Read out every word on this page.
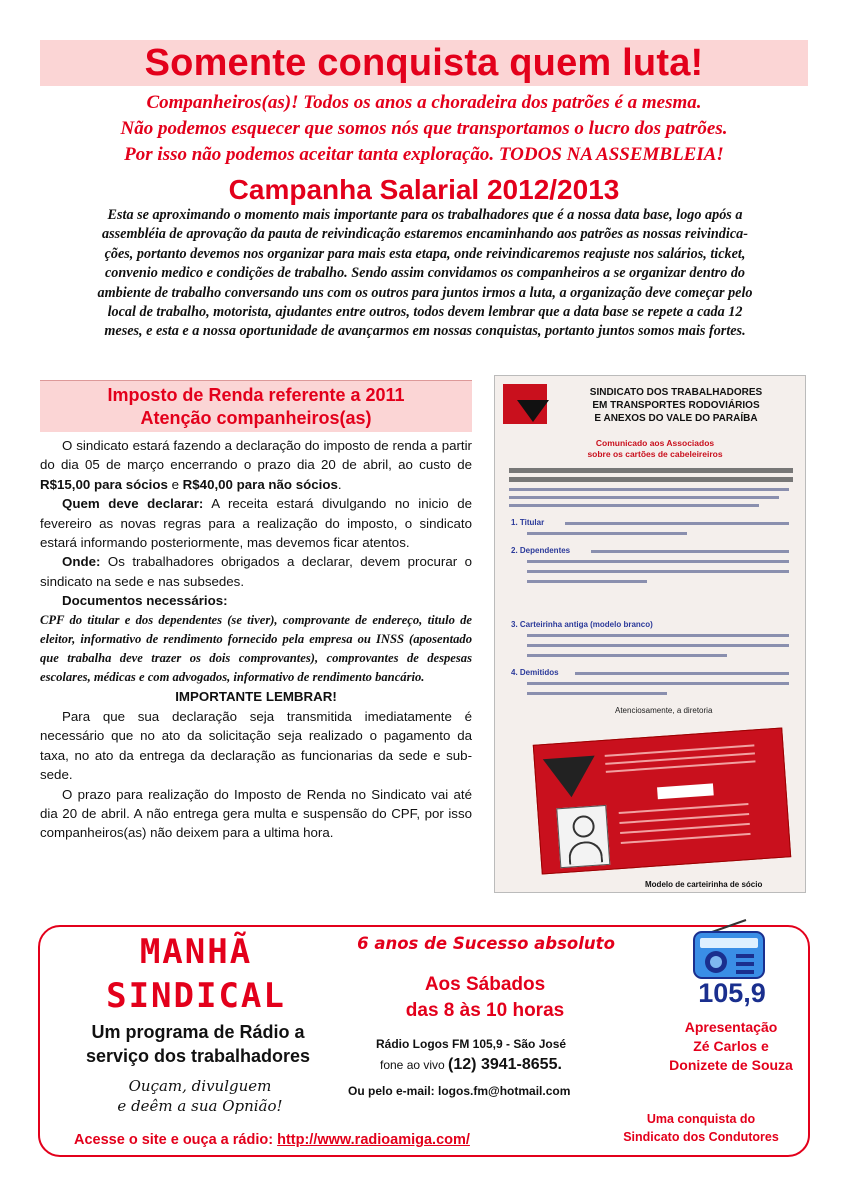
Somente conquista quem luta!
Companheiros(as)! Todos os anos a choradeira dos patrões é a mesma.
Não podemos esquecer que somos nós que transportamos o lucro dos patrões.
Por isso não podemos aceitar tanta exploração. TODOS NA ASSEMBLEIA!
Campanha Salarial 2012/2013
Esta se aproximando o momento mais importante para os trabalhadores que é a nossa data base, logo após a
assembléia de aprovação da pauta de reivindicação estaremos encaminhando aos patrões as nossas reivindica-
ções, portanto devemos nos organizar para mais esta etapa, onde reivindicaremos reajuste nos salários, ticket,
convenio medico e condições de trabalho. Sendo assim convidamos os companheiros a se organizar dentro do
ambiente de trabalho conversando uns com os outros para juntos irmos a luta, a organização deve começar pelo
local de trabalho, motorista, ajudantes entre outros, todos devem lembrar que a data base se repete a cada 12
meses, e esta e a nossa oportunidade de avançarmos em nossas conquistas, portanto juntos somos mais fortes.
Imposto de Renda referente a 2011
Atenção companheiros(as)

O sindicato estará fazendo a declaração do imposto de renda a partir do dia 05 de março encerrando o prazo dia 20 de abril, ao custo de R$15,00 para sócios e R$40,00 para não sócios.

Quem deve declarar: A receita estará divulgando no inicio de fevereiro as novas regras para a realização do imposto, o sindicato estará informando posteriormente, mas devemos ficar atentos.

Onde: Os trabalhadores obrigados a declarar, devem procurar o sindicato na sede e nas subsedes.

Documentos necessários:

CPF do titular e dos dependentes (se tiver), comprovante de endereço, titulo de eleitor, informativo de rendimento fornecido pela empresa ou INSS (aposentado que trabalha deve trazer os dois comprovantes), comprovantes de despesas escolares, médicas e com advogados, informativo de rendimento bancário.

IMPORTANTE LEMBRAR!

Para que sua declaração seja transmitida imediatamente é necessário que no ato da solicitação seja realizado o pagamento da taxa, no ato da entrega da declaração as funcionarias da sede e sub-sede.

O prazo para realização do Imposto de Renda no Sindicato vai até dia 20 de abril. A não entrega gera multa e suspensão do CPF, por isso companheiros(as) não deixem para a ultima hora.

SINDICATO DOS TRABALHADORES
EM TRANSPORTES RODOVIÁRIOS
E ANEXOS DO VALE DO PARAÍBA
Comunicado aos Associados
sobre os cartões de cabeleireiros
1. Titular
2. Dependentes
3. Carteirinha antiga (modelo branco)
4. Demitidos
Atenciosamente, a diretoria
Modelo de carteirinha de sócio
MANHÃ
SINDICAL
Um programa de Rádio a
serviço dos trabalhadores
Ouçam, divulguem
e deêm a sua Opnião!
Acesse o site e ouça a rádio: http://www.radioamiga.com/
6 anos de Sucesso absoluto
Aos Sábados
das 8 às 10 horas
Rádio Logos FM 105,9 - São José
fone ao vivo (12) 3941-8655.
Ou pelo e-mail: logos.fm@hotmail.com
105,9
Apresentação
Zé Carlos e
Donizete de Souza
Uma conquista do
Sindicato dos Condutores
